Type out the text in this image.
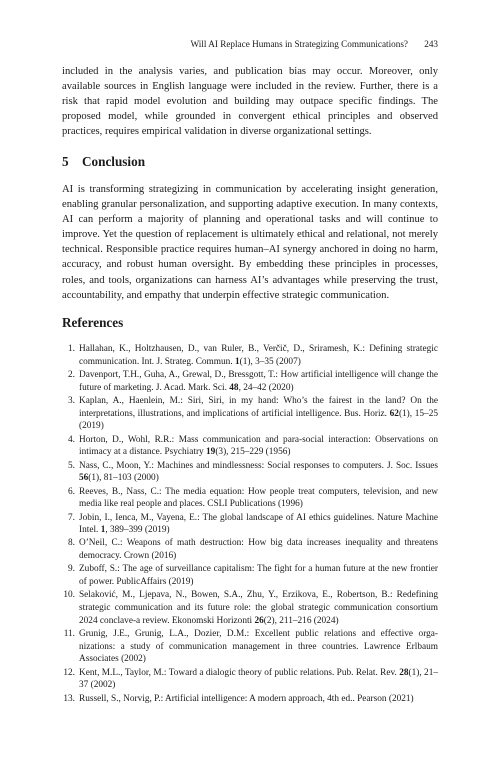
Will AI Replace Humans in Strategizing Communications? 243

included in the analysis varies, and publication bias may occur. Moreover, only available sources in English language were included in the review. Further, there is a risk that rapid model evolution and building may outpace specific findings. The proposed model, while grounded in convergent ethical principles and observed practices, requires empirical validation in diverse organizational settings.

5 Conclusion

AI is transforming strategizing in communication by accelerating insight generation, enabling granular personalization, and supporting adaptive execution. In many contexts, AI can perform a majority of planning and operational tasks and will continue to improve. Yet the question of replacement is ultimately ethical and relational, not merely technical. Responsible practice requires human–AI synergy anchored in doing no harm, accuracy, and robust human oversight. By embedding these principles in processes, roles, and tools, organizations can harness AI’s advantages while preserving the trust, accountability, and empathy that underpin effective strategic communication.

References
1. Hallahan, K., Holtzhausen, D., van Ruler, B., Verčič, D., Sriramesh, K.: Defining strategic communication. Int. J. Strateg. Commun. 1(1), 3–35 (2007)
2. Davenport, T.H., Guha, A., Grewal, D., Bressgott, T.: How artificial intelligence will change the future of marketing. J. Acad. Mark. Sci. 48, 24–42 (2020)
3. Kaplan, A., Haenlein, M.: Siri, Siri, in my hand: Who’s the fairest in the land? On the interpretations, illustrations, and implications of artificial intelligence. Bus. Horiz. 62(1), 15–25 (2019)
4. Horton, D., Wohl, R.R.: Mass communication and para-social interaction: Observations on intimacy at a distance. Psychiatry 19(3), 215–229 (1956)
5. Nass, C., Moon, Y.: Machines and mindlessness: Social responses to computers. J. Soc. Issues 56(1), 81–103 (2000)
6. Reeves, B., Nass, C.: The media equation: How people treat computers, television, and new media like real people and places. CSLI Publications (1996)
7. Jobin, I., Ienca, M., Vayena, E.: The global landscape of AI ethics guidelines. Nature Machine Intel. 1, 389–399 (2019)
8. O’Neil, C.: Weapons of math destruction: How big data increases inequality and threatens democracy. Crown (2016)
9. Zuboff, S.: The age of surveillance capitalism: The fight for a human future at the new frontier of power. PublicAffairs (2019)
10. Selaković, M., Ljepava, N., Bowen, S.A., Zhu, Y., Erzikova, E., Robertson, B.: Redefining strategic communication and its future role: the global strategic communication consortium 2024 conclave-a review. Ekonomski Horizonti 26(2), 211–216 (2024)
11. Grunig, J.E., Grunig, L.A., Dozier, D.M.: Excellent public relations and effective orga- nizations: a study of communication management in three countries. Lawrence Erlbaum Associates (2002)
12. Kent, M.L., Taylor, M.: Toward a dialogic theory of public relations. Pub. Relat. Rev. 28(1), 21–37 (2002)
13. Russell, S., Norvig, P.: Artificial intelligence: A modern approach, 4th ed.. Pearson (2021)
